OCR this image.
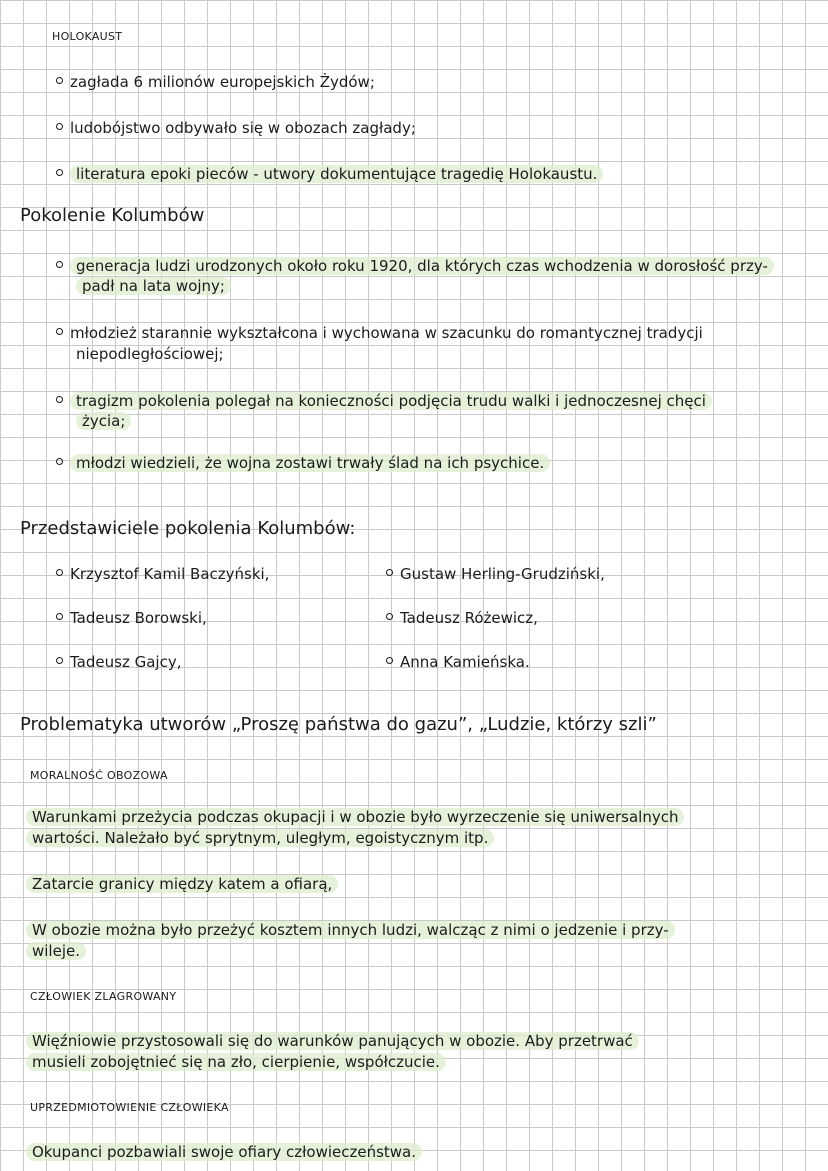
HOLOKAUST
zagłada 6 milionów europejskich Żydów;
ludobójstwo odbywało się w obozach zagłady;
literatura epoki pieców - utwory dokumentujące tragedię Holokaustu.
Pokolenie Kolumbów
generacja ludzi urodzonych około roku 1920, dla których czas wchodzenia w dorosłość przy-
padł na lata wojny;
młodzież starannie wykształcona i wychowana w szacunku do romantycznej tradycji
niepodległościowej;
tragizm pokolenia polegał na konieczności podjęcia trudu walki i jednoczesnej chęci
życia;
młodzi wiedzieli, że wojna zostawi trwały ślad na ich psychice.
Przedstawiciele pokolenia Kolumbów:
Krzysztof Kamil Baczyński,
Tadeusz Borowski,
Tadeusz Gajcy,
Gustaw Herling-Grudziński,
Tadeusz Różewicz,
Anna Kamieńska.
Problematyka utworów „Proszę państwa do gazu”, „Ludzie, którzy szli”
MORALNOŚĆ OBOZOWA
Warunkami przeżycia podczas okupacji i w obozie było wyrzeczenie się uniwersalnych
wartości. Należało być sprytnym, uległym, egoistycznym itp.
Zatarcie granicy między katem a ofiarą,
W obozie można było przeżyć kosztem innych ludzi, walcząc z nimi o jedzenie i przy-
wileje.
CZŁOWIEK ZLAGROWANY
Więźniowie przystosowali się do warunków panujących w obozie. Aby przetrwać
musieli zobojętnieć się na zło, cierpienie, współczucie.
UPRZEDMIOTOWIENIE CZŁOWIEKA
Okupanci pozbawiali swoje ofiary człowieczeństwa.
